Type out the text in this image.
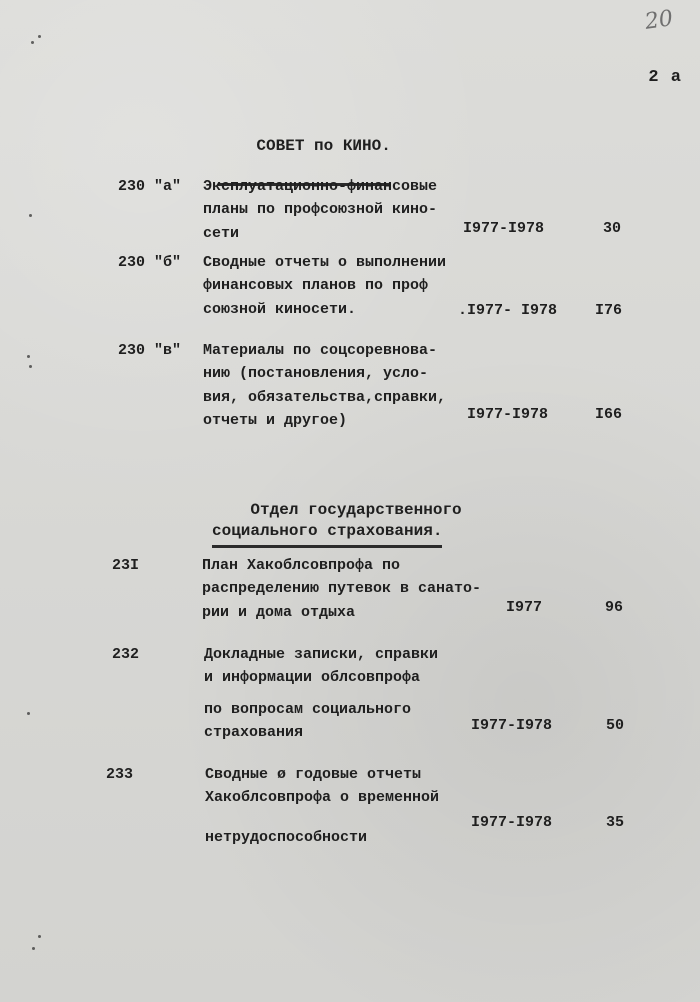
20
2 а

СОВЕТ по КИНО.

230 "а" Эксплуатационно-финансовые
планы по профсоюзной кино-
сети	I977-I978	30
230 "б" Сводные отчеты о выполнении
финансовых планов по проф
союзной киносети.	.I977- I978	I76
230 "в" Материалы по соцсоревнова-
нию (постановления, усло-
вия, обязательства,справки,
отчеты и другое)	I977-I978	I66

Отдел государственного
социального страхования.

23I	План Хакоблсовпрофа по
распределению путевок в санато-
рии и дома отдыха	I977	96
232	Докладные записки, справки
и информации облсовпрофа
по вопросам социального
страхования	I977-I978	50
233	Сводные ø годовые отчеты
Хакоблсовпрофа о временной
нетрудоспособности
I977-I978	35
